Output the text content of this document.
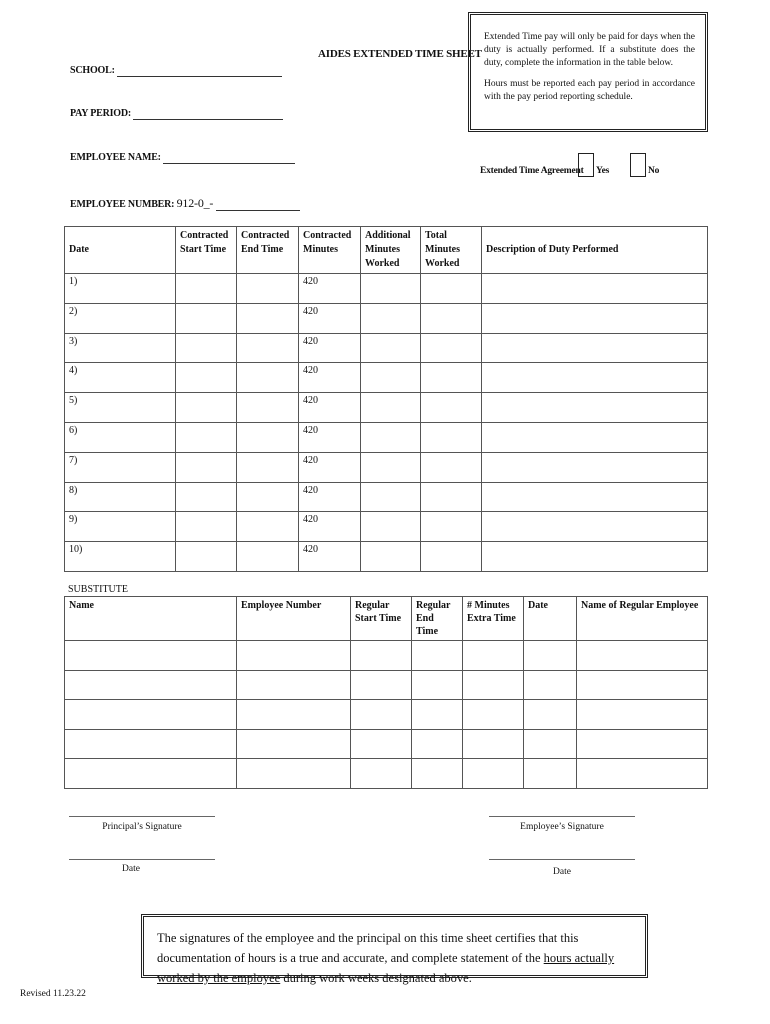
AIDES EXTENDED TIME SHEET
SCHOOL:
PAY PERIOD:
EMPLOYEE NAME:
EMPLOYEE NUMBER: 912-0_-

Extended Time pay will only be paid for days when the duty is actually performed. If a substitute does the duty, complete the information in the table below.

Hours must be reported each pay period in accordance with the pay period reporting schedule.

Extended Time Agreement Yes	No
Date	Contracted Start Time	Contracted End Time	Contracted Minutes	Additional Minutes Worked	Total Minutes Worked	Description of Duty Performed
1)			420			
2)			420			
3)			420			
4)			420			
5)			420			
6)			420			
7)			420			
8)			420			
9)			420			
10)			420			
SUBSTITUTE
Name	Employee Number	Regular Start Time	Regular End Time	# Minutes Extra Time	Date	Name of Regular Employee

Principal’s Signature	Employee’s Signature
Date	Date
The signatures of the employee and the principal on this time sheet certifies that this documentation of hours is a true and accurate, and complete statement of the hours actually worked by the employee during work weeks designated above.
Revised 11.23.22
